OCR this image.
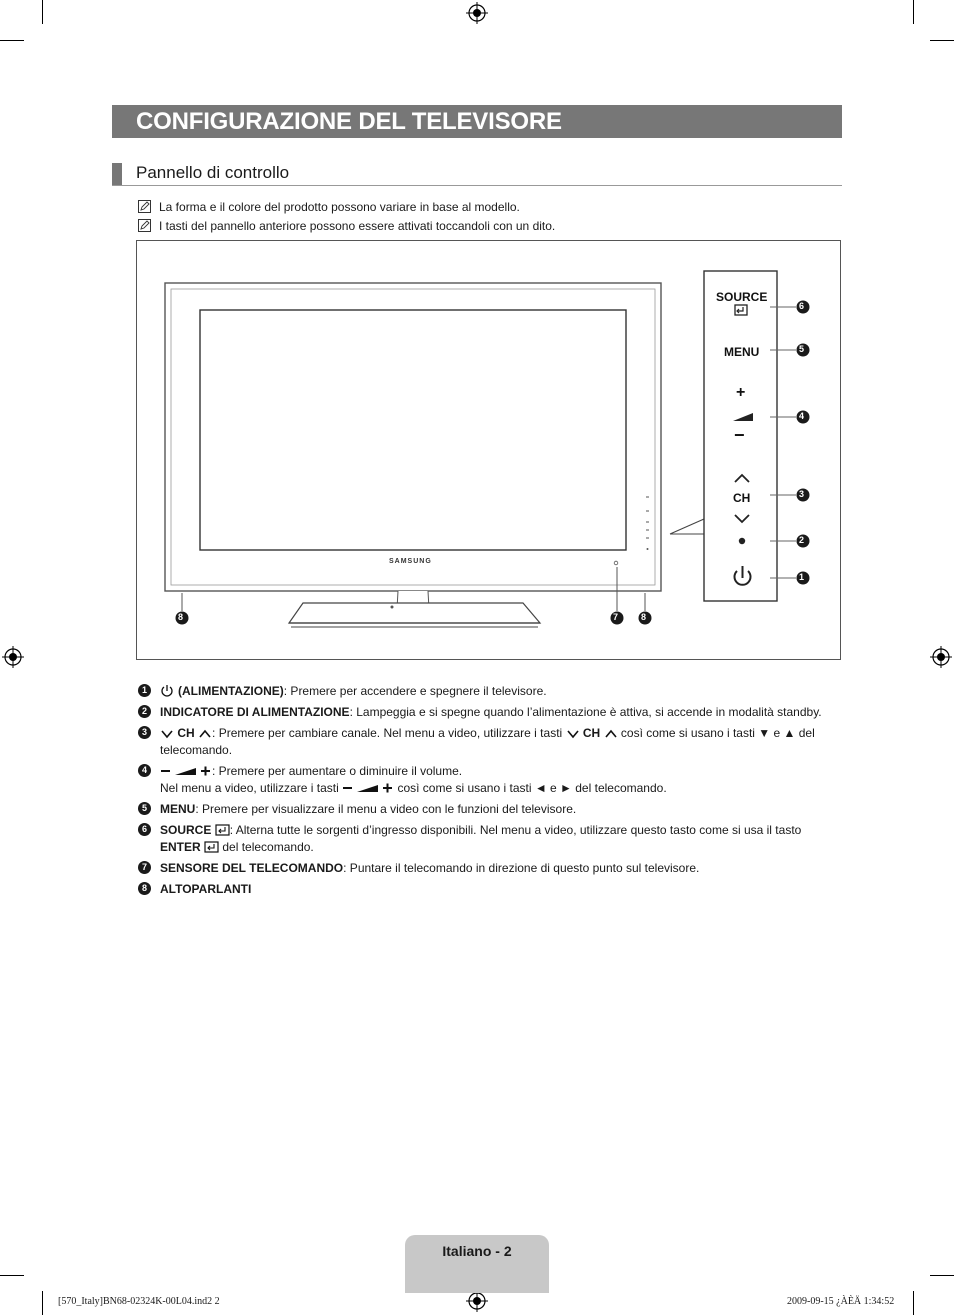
CONFIGURAZIONE DEL TELEVISORE
Pannello di controllo
La forma e il colore del prodotto possono variare in base al modello.
I tasti del pannello anteriore possono essere attivati toccandoli con un dito.
SAMSUNG
SOURCE
MENU
+
−
CH
6
5
4
3
2
1
8	7	8
1	(ALIMENTAZIONE): Premere per accendere e spegnere il televisore.
2	INDICATORE DI ALIMENTAZIONE: Lampeggia e si spegne quando l’alimentazione è attiva, si accende in modalità standby.
3	CH : Premere per cambiare canale. Nel menu a video, utilizzare i tasti CH così come si usano i tasti ▼ e ▲ del telecomando.
4	: Premere per aumentare o diminuire il volume.
Nel menu a video, utilizzare i tasti	così come si usano i tasti ◄ e ► del telecomando.
5	MENU: Premere per visualizzare il menu a video con le funzioni del televisore.
6	SOURCE : Alterna tutte le sorgenti d’ingresso disponibili. Nel menu a video, utilizzare questo tasto come si usa il tasto
ENTER del telecomando.
7	SENSORE DEL TELECOMANDO: Puntare il telecomando in direzione di questo punto sul televisore.
8	ALTOPARLANTI
Italiano - 2
[570_Italy]BN68-02324K-00L04.ind2 2	2009-09-15 ¿ÀÈÄ 1:34:52
